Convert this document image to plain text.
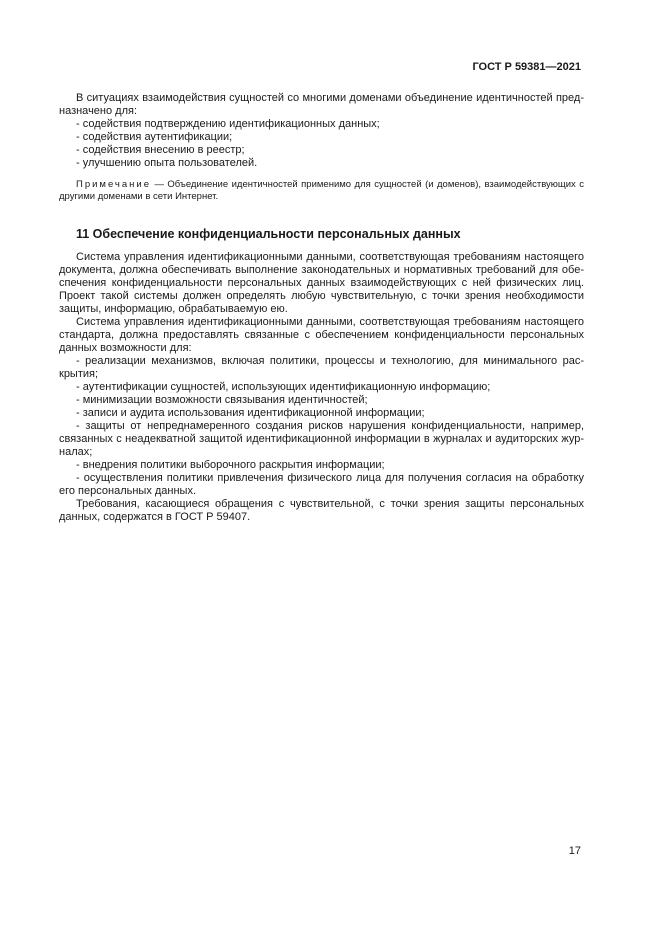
ГОСТ Р 59381—2021

В ситуациях взаимодействия сущностей со многими доменами объединение идентичностей предназначено для:

- содействия подтверждению идентификационных данных;
- содействия аутентификации;
- содействия внесению в реестр;
- улучшению опыта пользователей.

Примечание — Объединение идентичностей применимо для сущностей (и доменов), взаимодействующих с другими доменами в сети Интернет.

11 Обеспечение конфиденциальности персональных данных

Система управления идентификационными данными, соответствующая требованиям настоящего документа, должна обеспечивать выполнение законодательных и нормативных требований для обеспечения конфиденциальности персональных данных взаимодействующих с ней физических лиц. Проект такой системы должен определять любую чувствительную, с точки зрения необходимости защиты, информацию, обрабатываемую ею.

Система управления идентификационными данными, соответствующая требованиям настоящего стандарта, должна предоставлять связанные с обеспечением конфиденциальности персональных данных возможности для:

- реализации механизмов, включая политики, процессы и технологию, для минимального раскрытия;
- аутентификации сущностей, использующих идентификационную информацию;
- минимизации возможности связывания идентичностей;
- записи и аудита использования идентификационной информации;
- защиты от непреднамеренного создания рисков нарушения конфиденциальности, например, связанных с неадекватной защитой идентификационной информации в журналах и аудиторских журналах;
- внедрения политики выборочного раскрытия информации;
- осуществления политики привлечения физического лица для получения согласия на обработку его персональных данных.

Требования, касающиеся обращения с чувствительной, с точки зрения защиты персональных данных, содержатся в ГОСТ Р 59407.

17
